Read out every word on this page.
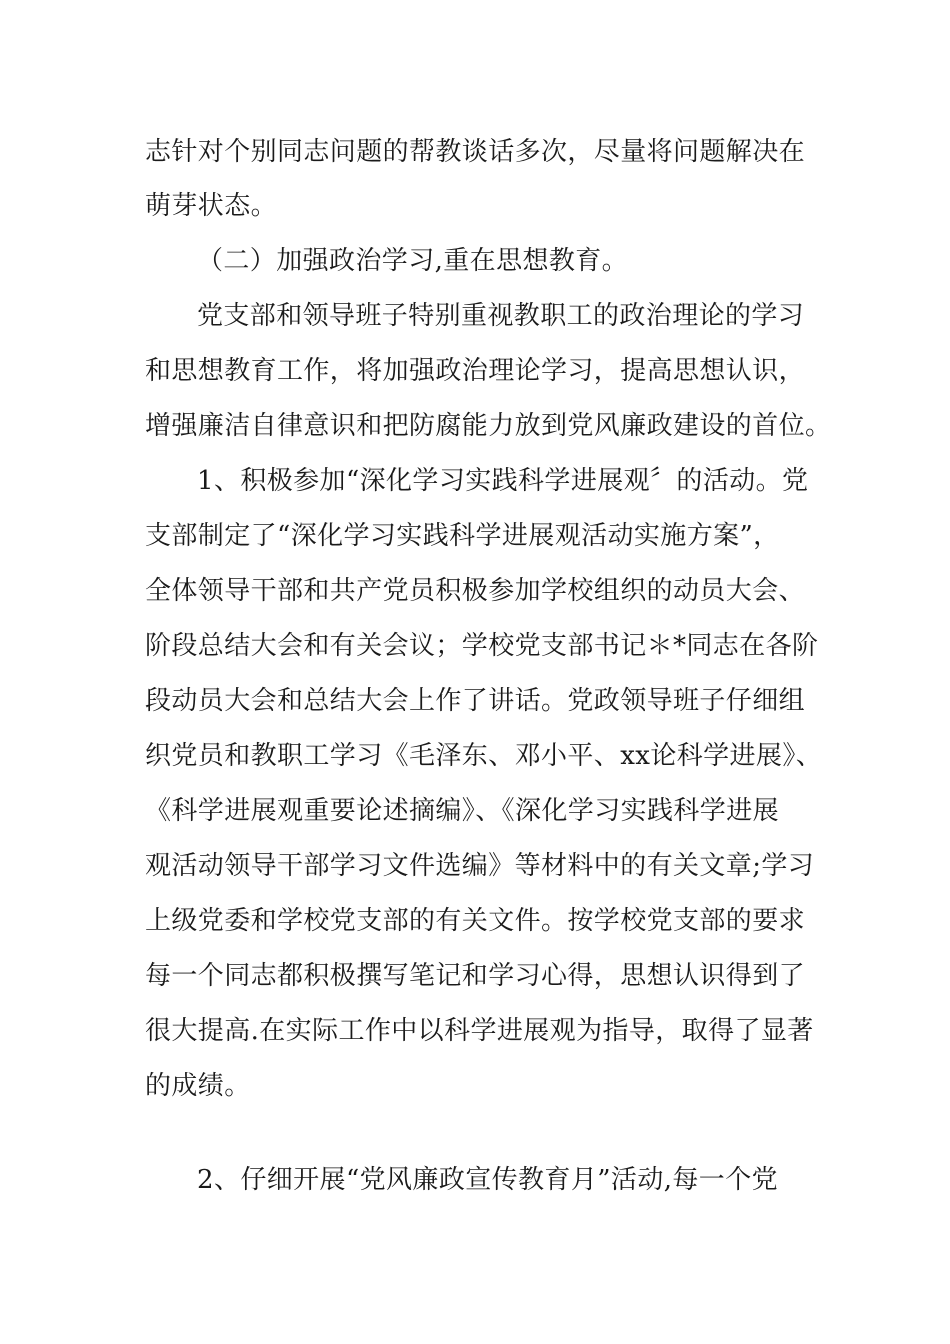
志针对个别同志问题的帮教谈话多次，尽量将问题解决在
萌芽状态。
（二）加强政治学习,重在思想教育。
党支部和领导班子特别重视教职工的政治理论的学习
和思想教育工作，将加强政治理论学习，提高思想认识，
增强廉洁自律意识和把防腐能力放到党风廉政建设的首位。
1、积极参加“深化学习实践科学进展观〞的活动。党
支部制定了“深化学习实践科学进展观活动实施方案”，
全体领导干部和共产党员积极参加学校组织的动员大会、
阶段总结大会和有关会议；学校党支部书记＊*同志在各阶
段动员大会和总结大会上作了讲话。党政领导班子仔细组
织党员和教职工学习《毛泽东、邓小平、xx论科学进展》、
《科学进展观重要论述摘编》、《深化学习实践科学进展
观活动领导干部学习文件选编》等材料中的有关文章;学习
上级党委和学校党支部的有关文件。按学校党支部的要求
每一个同志都积极撰写笔记和学习心得，思想认识得到了
很大提高.在实际工作中以科学进展观为指导，取得了显著
的成绩。
2、仔细开展“党风廉政宣传教育月”活动,每一个党
